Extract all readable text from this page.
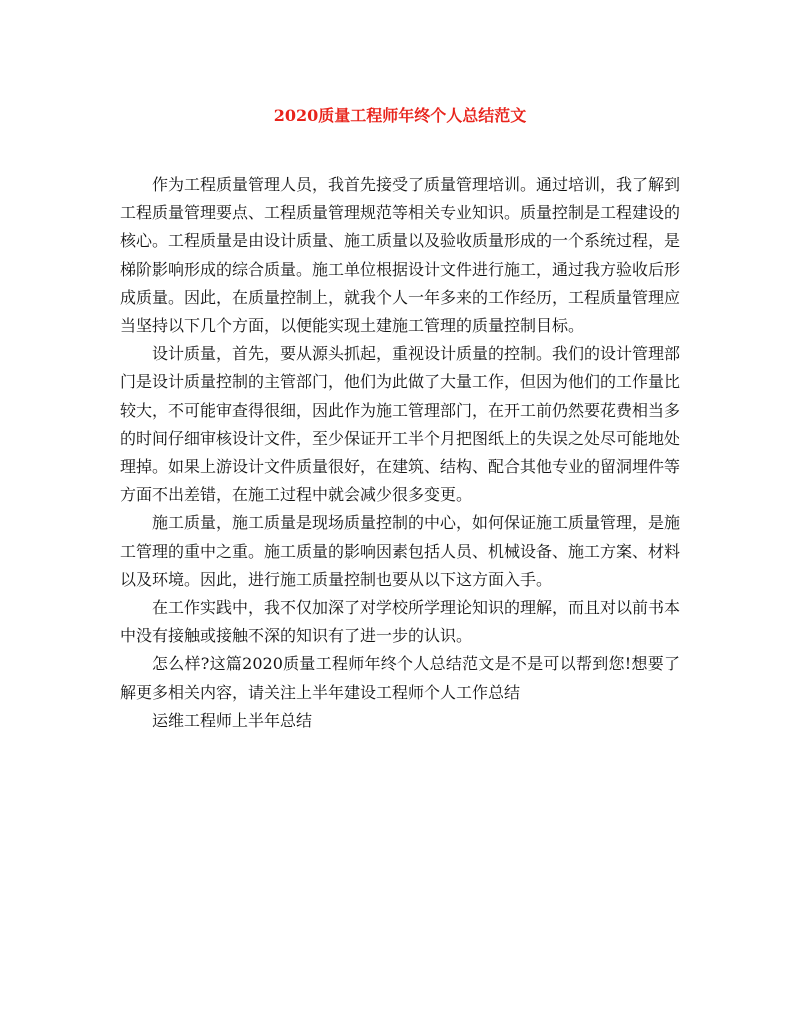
2020质量工程师年终个人总结范文

作为工程质量管理人员，我首先接受了质量管理培训。通过培训，我了解到工程质量管理要点、工程质量管理规范等相关专业知识。质量控制是工程建设的核心。工程质量是由设计质量、施工质量以及验收质量形成的一个系统过程，是梯阶影响形成的综合质量。施工单位根据设计文件进行施工，通过我方验收后形成质量。因此，在质量控制上，就我个人一年多来的工作经历，工程质量管理应当坚持以下几个方面，以便能实现土建施工管理的质量控制目标。

设计质量，首先，要从源头抓起，重视设计质量的控制。我们的设计管理部门是设计质量控制的主管部门，他们为此做了大量工作，但因为他们的工作量比较大，不可能审查得很细，因此作为施工管理部门，在开工前仍然要花费相当多的时间仔细审核设计文件，至少保证开工半个月把图纸上的失误之处尽可能地处理掉。如果上游设计文件质量很好，在建筑、结构、配合其他专业的留洞埋件等方面不出差错，在施工过程中就会减少很多变更。

施工质量，施工质量是现场质量控制的中心，如何保证施工质量管理，是施工管理的重中之重。施工质量的影响因素包括人员、机械设备、施工方案、材料以及环境。因此，进行施工质量控制也要从以下这方面入手。

在工作实践中，我不仅加深了对学校所学理论知识的理解，而且对以前书本中没有接触或接触不深的知识有了进一步的认识。

怎么样?这篇2020质量工程师年终个人总结范文是不是可以帮到您!想要了解更多相关内容，请关注上半年建设工程师个人工作总结

运维工程师上半年总结
